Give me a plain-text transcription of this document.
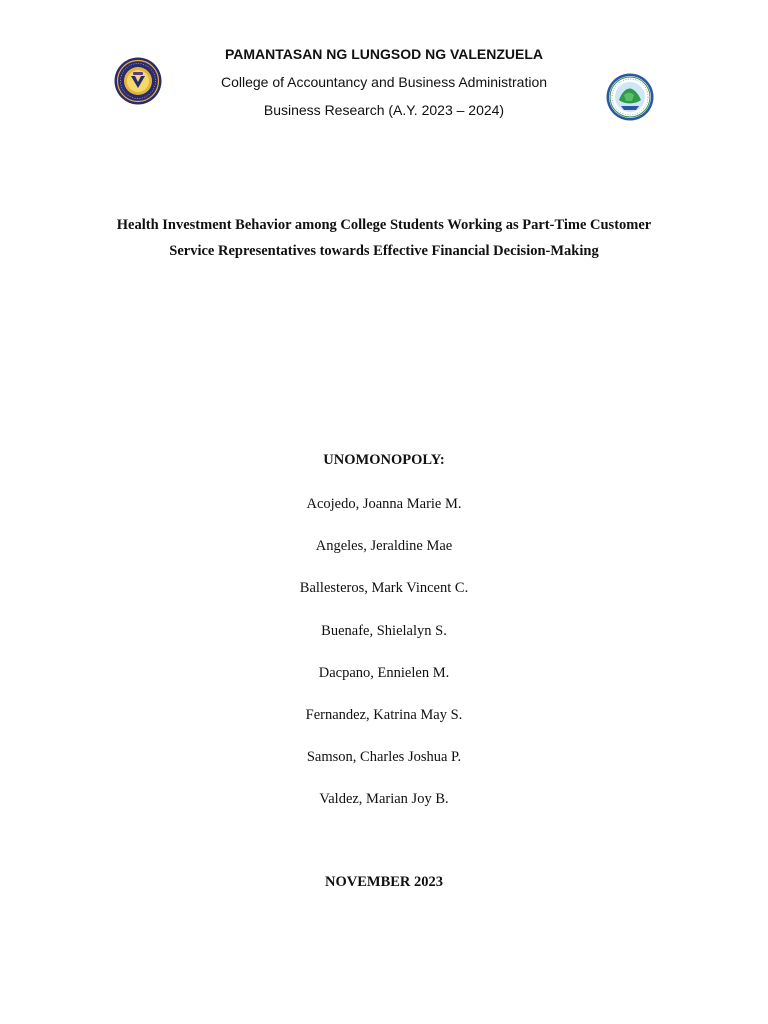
PAMANTASAN NG LUNGSOD NG VALENZUELA
College of Accountancy and Business Administration
Business Research (A.Y. 2023 – 2024)
Health Investment Behavior among College Students Working as Part-Time Customer
Service Representatives towards Effective Financial Decision-Making
UNOMONOPOLY:
Acojedo, Joanna Marie M.
Angeles, Jeraldine Mae
Ballesteros, Mark Vincent C.
Buenafe, Shielalyn S.
Dacpano, Ennielen M.
Fernandez, Katrina May S.
Samson, Charles Joshua P.
Valdez, Marian Joy B.
NOVEMBER 2023
